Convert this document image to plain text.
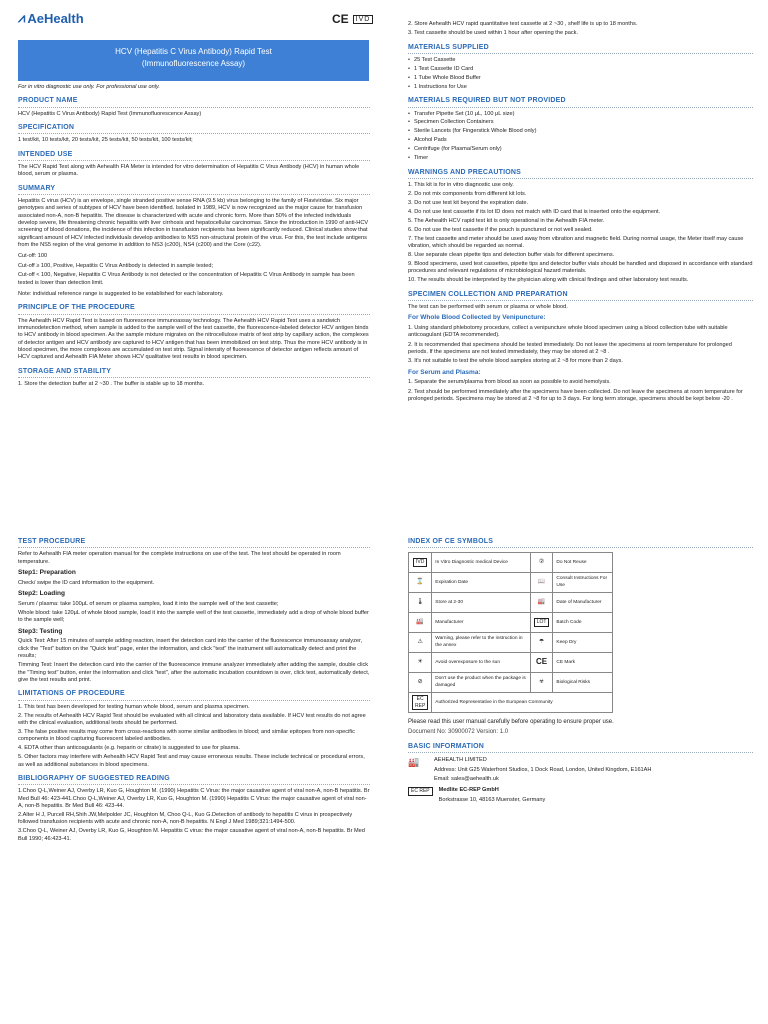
⩘ AeHealth	CE	IVD
HCV (Hepatitis C Virus Antibody) Rapid Test
(Immunofluorescence Assay)

For in vitro diagnostic use only. For professional use only.

PRODUCT NAME

HCV (Hepatitis C Virus Antibody) Rapid Test (Immunofluorescence Assay)

SPECIFICATION

1 test/kit, 10 tests/kit, 20 tests/kit, 25 tests/kit, 50 tests/kit, 100 tests/kit;

INTENDED USE

The HCV Rapid Test along with Aehealth FIA Meter is intended for vitro determination of Hepatitis C Virus Antibody (HCV) in human whole blood, serum or plasma.

SUMMARY

Hepatitis C virus (HCV) is an envelope, single stranded positive sense RNA (9.5 kb) virus belonging to the family of Flaviviridae. Six major genotypes and series of subtypes of HCV have been identified. Isolated in 1989, HCV is now recognized as the major cause for transfusion associated non-A, non-B hepatitis. The disease is characterized with acute and chronic form. More than 50% of the infected individuals develop severe, life threatening chronic hepatitis with liver cirrhosis and hepatocellular carcinomas. Since the introduction in 1990 of anti-HCV screening of blood donations, the incidence of this infection in transfusion recipients has been significantly reduced. Clinical studies show that significant amount of HCV infected individuals develop antibodies to NS5 non-structural protein of the virus. For this, the test include antigens from the NS5 region of the viral genome in addition to NS3 (c200), NS4 (c200) and the Core (c22).

Cut-off: 100

Cut-off ≥ 100, Positive, Hepatitis C Virus Antibody is detected in sample tested;

Cut-off < 100, Negative, Hepatitis C Virus Antibody is not detected or the concentration of Hepatitis C Virus Antibody in sample has been tested is lower than detection limit.

Note: individual reference range is suggested to be established for each laboratory.

PRINCIPLE OF THE PROCEDURE

The Aehealth HCV Rapid Test is based on fluorescence immunoassay technology. The Aehealth HCV Rapid Test uses a sandwich immunodetection method, when sample is added to the sample well of the test cassette, the fluorescence-labeled detector HCV antigen binds to HCV antibody in blood specimen. As the sample mixture migrates on the nitrocellulose matrix of test strip by capillary action, the complexes of detector antigen and HCV antibody are captured to HCV antigen that has been immobilized on test strip. Thus the more HCV antibody is in blood specimen, the more complexes are accumulated on test strip. Signal intensity of fluorescence of detector antigen reflects amount of HCV captured and Aehealth FIA Meter shows HCV qualitative test results in blood specimen.

STORAGE AND STABILITY

1. Store the detection buffer at 2 ~30 . The buffer is stable up to 18 months.

2. Store Aehealth HCV rapid quantitative test cassette at 2 ~30 , shelf life is up to 18 months.

3. Test cassette should be used within 1 hour after opening the pack.

MATERIALS SUPPLIED
• 25 Test Cassette
• 1 Test Cassette ID Card
• 1 Tube Whole Blood Buffer
• 1 Instructions for Use
MATERIALS REQUIRED BUT NOT PROVIDED
• Transfer Pipette Set (10 μL, 100 μL size)
• Specimen Collection Containers
• Sterile Lancets (for Fingerstick Whole Blood only)
• Alcohol Pads
• Centrifuge (for Plasma/Serum only)
• Timer
WARNINGS AND PRECAUTIONS
1. This kit is for in vitro diagnostic use only.
2. Do not mix components from different kit lots.
3. Do not use test kit beyond the expiration date.
4. Do not use test cassette if its lot ID does not match with ID card that is inserted onto the equipment.
5. The Aehealth HCV rapid test kit is only operational in the Aehealth FIA meter.
6. Do not use the test cassette if the pouch is punctured or not well sealed.
7. The test cassette and meter should be used away from vibration and magnetic field. During normal usage, the Meter itself may cause vibration, which should be regarded as normal.
8. Use separate clean pipette tips and detection buffer vials for different specimens.
9. Blood specimens, used test cassettes, pipette tips and detector buffer vials should be handled and disposed in accordance with standard procedures and relevant regulations of microbiological hazard materials.
10. The results should be interpreted by the physician along with clinical findings and other laboratory test results.
SPECIMEN COLLECTION AND PREPARATION

The test can be performed with serum or plasma or whole blood.

For Whole Blood Collected by Venipuncture:

1. Using standard phlebotomy procedure, collect a venipuncture whole blood specimen using a blood collection tube with suitable anticoagulant (EDTA recommended).

2. It is recommended that specimens should be tested immediately. Do not leave the specimens at room temperature for prolonged periods. If the specimens are not tested immediately, they may be stored at 2 ~8 .

3. It's not suitable to test the whole blood samples storing at 2 ~8 for more than 2 days.

For Serum and Plasma:

1. Separate the serum/plasma from blood as soon as possible to avoid hemolysis.

2. Test should be performed immediately after the specimens have been collected. Do not leave the specimens at room temperature for prolonged periods. Specimens may be stored at 2 ~8 for up to 3 days. For long term storage, specimens should be kept below -20 .

TEST PROCEDURE

Refer to Aehealth FIA meter operation manual for the complete instructions on use of the test. The test should be operated in room temperature.

Step1: Preparation

Check/ swipe the ID card information to the equipment.

Step2: Loading

Serum / plasma: take 100μL of serum or plasma samples, load it into the sample well of the test cassette;

Whole blood: take 120μL of whole blood sample, load it into the sample well of the test cassette, immediately add a drop of whole blood buffer to the sample well;

Step3: Testing

Quick Test: After 15 minutes of sample adding reaction, insert the detection card into the carrier of the fluorescence immunoassay analyzer, click the "Test" button on the "Quick test" page, enter the information, and click "test" the instrument will automatically detect and print the results;

Timming Test: Insert the detection card into the carrier of the fluorescence immune analyzer immediately after adding the sample, double click the "Timing test" button, enter the information and click "test", after the automatic incubation countdown is over, click test, automatically detect, give the test results and print.

LIMITATIONS OF PROCEDURE
1. This test has been developed for testing human whole blood, serum and plasma specimen.
2. The results of Aehealth HCV Rapid Test should be evaluated with all clinical and laboratory data available. If HCV test results do not agree with the clinical evaluation, additional tests should be performed.
3. The false positive results may come from cross-reactions with some similar antibodies in blood; and similar epitopes from non-specific components in blood capturing fluorescent labeled antibodies.
4. EDTA other than anticoagulants (e.g. heparin or citrate) is suggested to use for plasma.
5. Other factors may interfere with Aehealth HCV Rapid Test and may cause erroneous results. These include technical or procedural errors, as well as additional substances in blood specimens.
BIBLIOGRAPHY OF SUGGESTED READING
1.Choo Q-L,Weiner AJ, Overby LR, Kuo G, Houghton M. (1990) Hepatitis C Virus: the major causative agent of viral non-A, non-B hepatitis. Br Med Bull 46: 423-441.Choo Q-L,Weiner AJ, Overby LR, Kuo G, Houghton M. (1990) Hepatitis C Virus: the major causative agent of viral non-A, non-B hepatitis. Br Med Bull 46: 423-44.
2.Alter H J, Purcell RH,Shih JW,Melpolder JC, Houghton M, Choo Q-L, Kuo G.Detection of antibody to hepatitis C virus in prospectively followed transfusion recipients with acute and chronic non-A, non-B hepatitis. N Engl J Med 1989;321:1494-500.
3.Choo Q-L, Weiner AJ, Overby LR, Kuo G, Houghton M. Hepatitis C virus: the major causative agent of viral non-A, non-B hepatitis. Br Med Bull 1990; 46:423-41.
INDEX OF CE SYMBOLS
IVD	In Vitro Diagnostic medical Device	②	Do Not Reuse
⌛	Expiration Date	📖	Consult Instructions For Use
🌡	Store at 2-30	🏭	Date of Manufacturer
🏭	Manufacturer	LOT	Batch Code
⚠	Warning, please refer to the instruction in the annex	☂	Keep Dry
☀	Avoid overexposure to the sun	CE	CE Mark
⊘	Don't use the product when the package is damaged	☣	Biological Risks
EC REP	Authorized Representative in the European Community		

Please read this user manual carefully before operating to ensure proper use.

Document No: 30900072 Version: 1.0

BASIC INFORMATION
🏭	AEHEALTH LIMITED

Address: Unit G25 Waterfront Studios, 1 Dock Road, London, United Kingdom, E161AH

Email: sales@aehealth.uk

EC REP	Medlite EC-REP GmbH

Borkstrasse 10, 48163 Muenster, Germany
